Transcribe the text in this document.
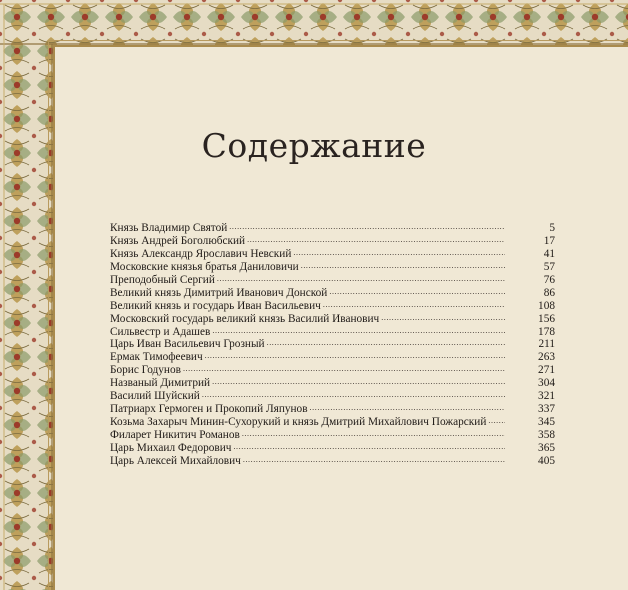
Содержание
Князь Владимир Святой .....	5
Князь Андрей Боголюбский .....	17
Князь Александр Ярославич Невский .....	41
Московские князья братья Даниловичи .....	57
Преподобный Сергий .....	76
Великий князь Димитрий Иванович Донской .....	86
Великий князь и государь Иван Васильевич .....	108
Московский государь великий князь Василий Иванович .....	156
Сильвестр и Адашев .....	178
Царь Иван Васильевич Грозный .....	211
Ермак Тимофеевич .....	263
Борис Годунов .....	271
Названый Димитрий .....	304
Василий Шуйский .....	321
Патриарх Гермоген и Прокопий Ляпунов .....	337
Козьма Захарыч Минин-Сухорукий и князь Дмитрий Михайлович Пожарский .....	345
Филарет Никитич Романов .....	358
Царь Михаил Федорович .....	365
Царь Алексей Михайлович .....	405
